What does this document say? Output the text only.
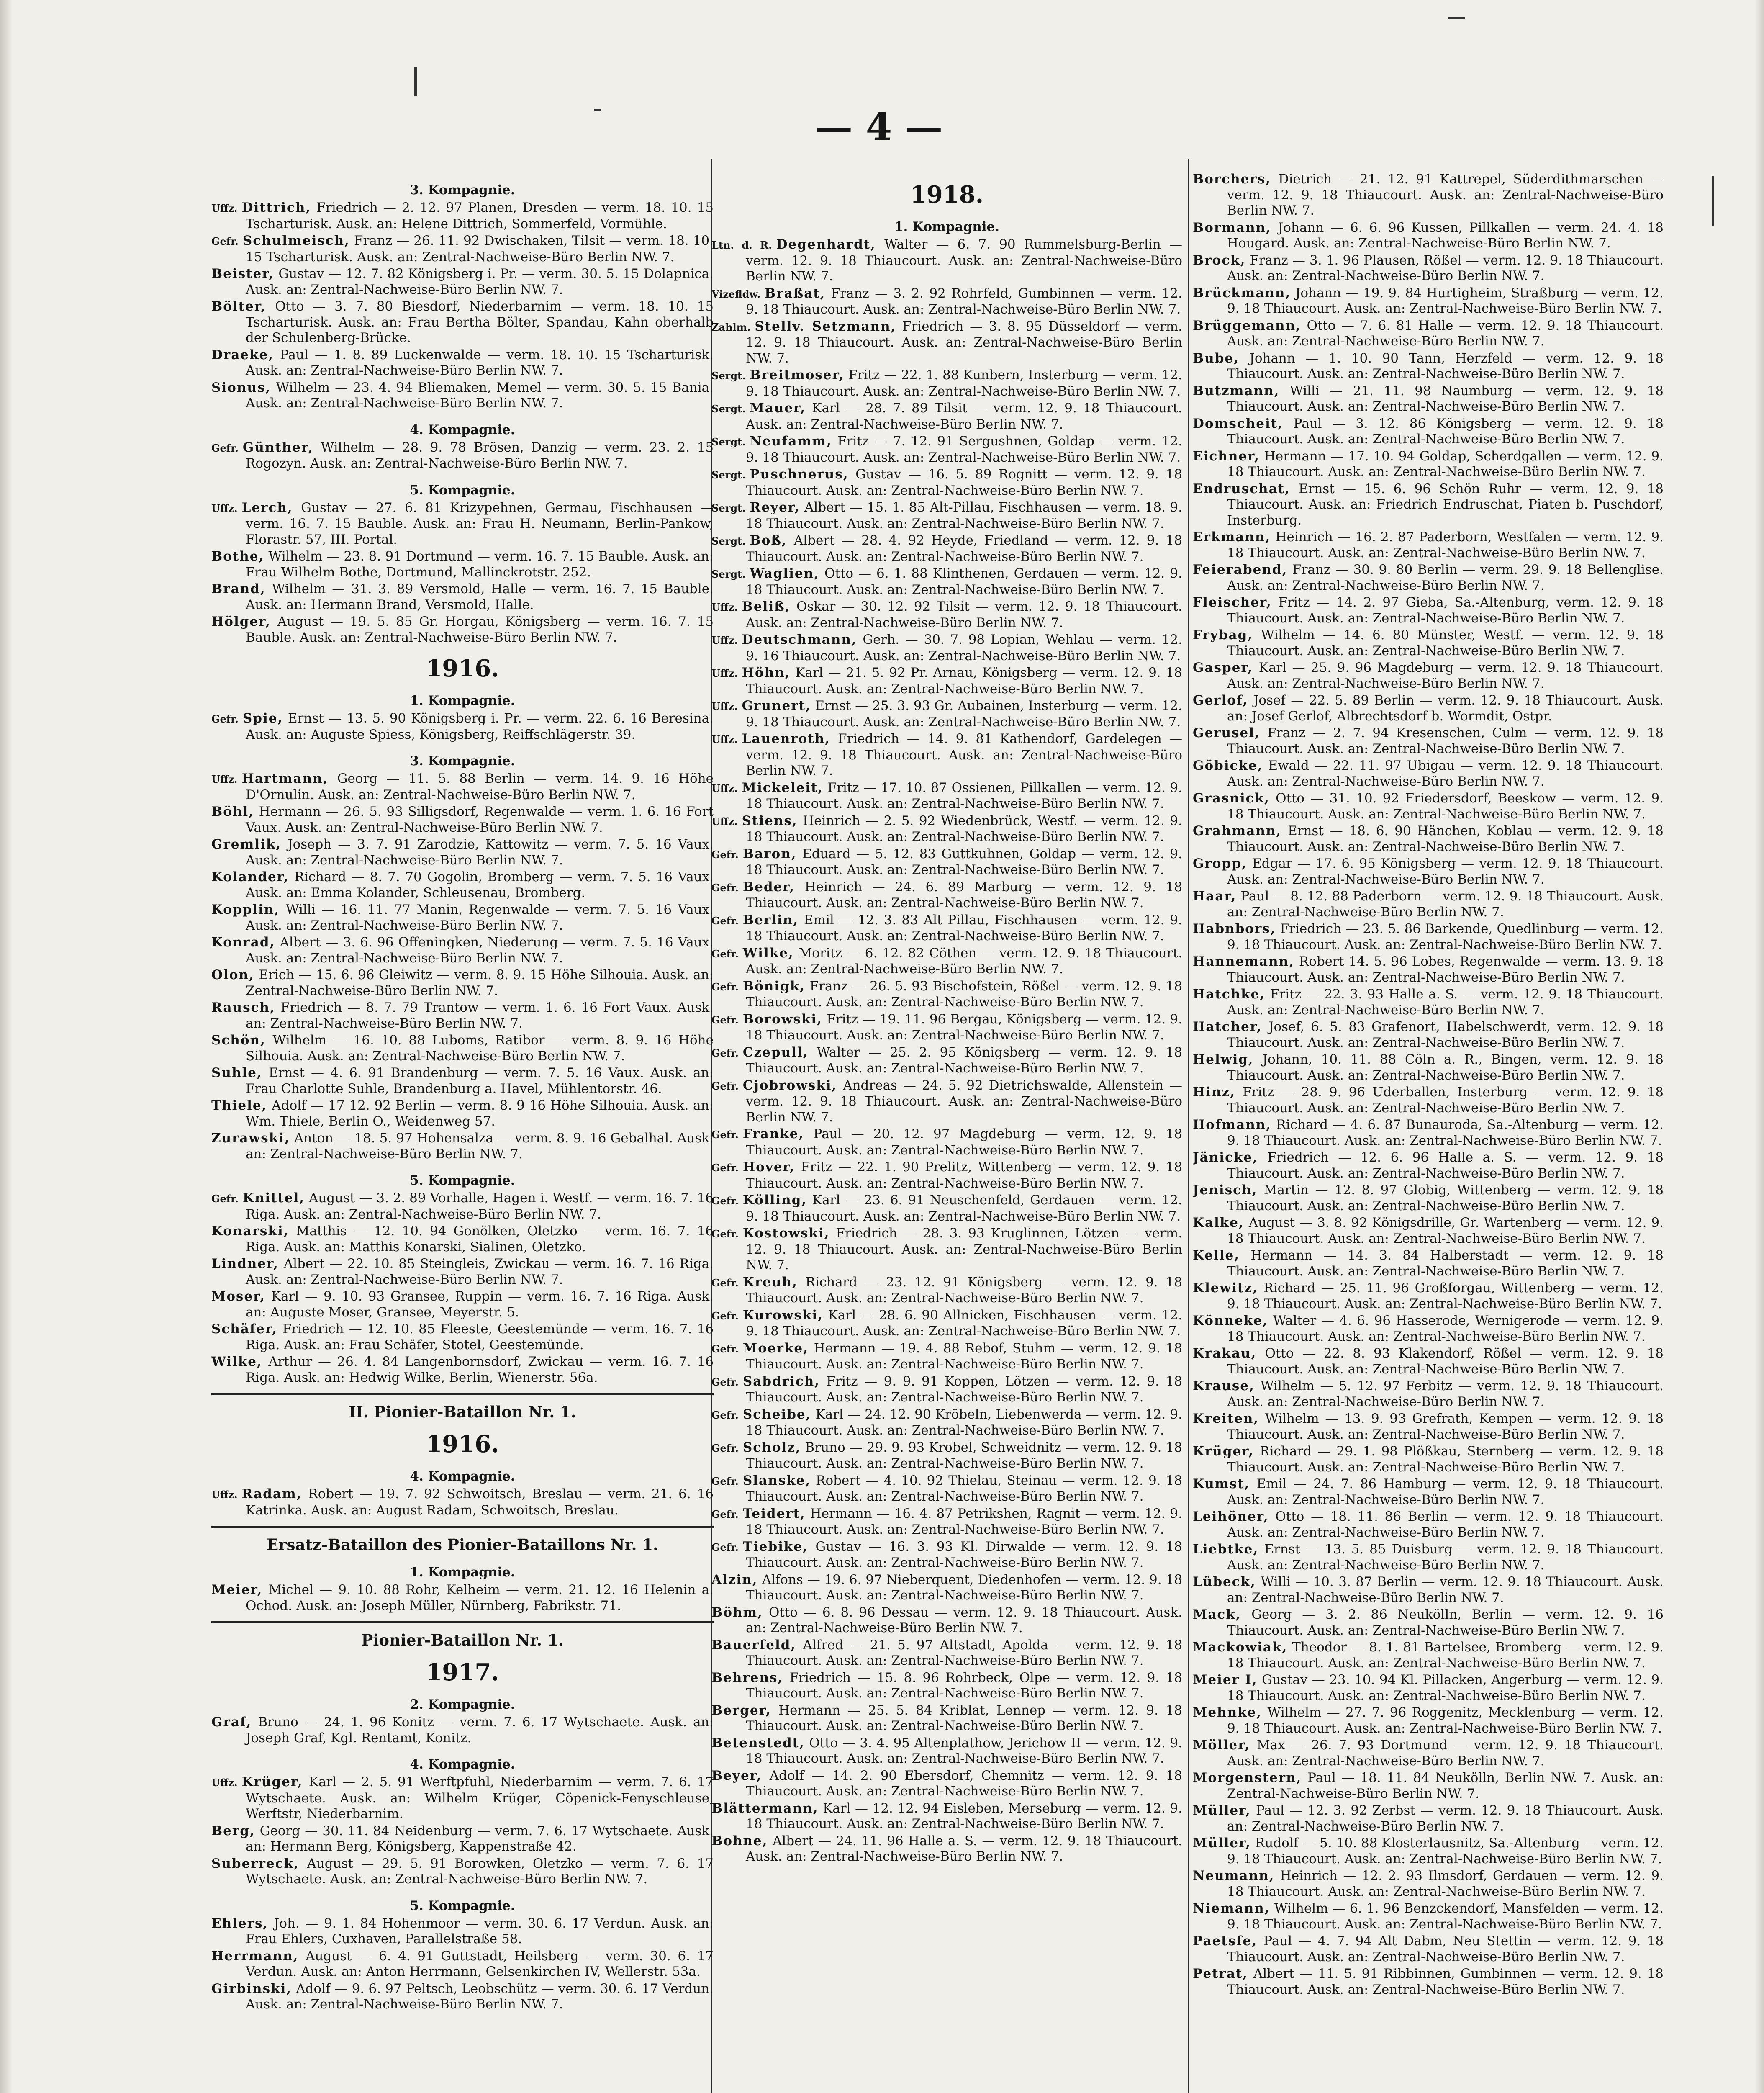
— 4 —
3. Kompagnie.

Uffz. Dittrich, Friedrich — 2. 12. 97 Planen, Dresden — verm. 18. 10. 15 Tscharturisk. Ausk. an: Helene Dittrich, Sommerfeld, Vormühle.

Gefr. Schulmeisch, Franz — 26. 11. 92 Dwischaken, Tilsit — verm. 18. 10. 15 Tscharturisk. Ausk. an: Zentral-Nachweise-Büro Berlin NW. 7.

Beister, Gustav — 12. 7. 82 Königsberg i. Pr. — verm. 30. 5. 15 Dolapnica. Ausk. an: Zentral-Nachweise-Büro Berlin NW. 7.

Bölter, Otto — 3. 7. 80 Biesdorf, Niederbarnim — verm. 18. 10. 15 Tscharturisk. Ausk. an: Frau Bertha Bölter, Spandau, Kahn oberhalb der Schulenberg-Brücke.

Draeke, Paul — 1. 8. 89 Luckenwalde — verm. 18. 10. 15 Tscharturisk. Ausk. an: Zentral-Nachweise-Büro Berlin NW. 7.

Sionus, Wilhelm — 23. 4. 94 Bliemaken, Memel — verm. 30. 5. 15 Bania. Ausk. an: Zentral-Nachweise-Büro Berlin NW. 7.

4. Kompagnie.

Gefr. Günther, Wilhelm — 28. 9. 78 Brösen, Danzig — verm. 23. 2. 15 Rogozyn. Ausk. an: Zentral-Nachweise-Büro Berlin NW. 7.

5. Kompagnie.

Uffz. Lerch, Gustav — 27. 6. 81 Krizypehnen, Germau, Fischhausen — verm. 16. 7. 15 Bauble. Ausk. an: Frau H. Neumann, Berlin-Pankow, Florastr. 57, III. Portal.

Bothe, Wilhelm — 23. 8. 91 Dortmund — verm. 16. 7. 15 Bauble. Ausk. an: Frau Wilhelm Bothe, Dortmund, Mallinckrotstr. 252.

Brand, Wilhelm — 31. 3. 89 Versmold, Halle — verm. 16. 7. 15 Bauble. Ausk. an: Hermann Brand, Versmold, Halle.

Hölger, August — 19. 5. 85 Gr. Horgau, Königsberg — verm. 16. 7. 15 Bauble. Ausk. an: Zentral-Nachweise-Büro Berlin NW. 7.

1916.
1. Kompagnie.

Gefr. Spie, Ernst — 13. 5. 90 Königsberg i. Pr. — verm. 22. 6. 16 Beresina. Ausk. an: Auguste Spiess, Königsberg, Reiffschlägerstr. 39.

3. Kompagnie.

Uffz. Hartmann, Georg — 11. 5. 88 Berlin — verm. 14. 9. 16 Höhe D'Ornulin. Ausk. an: Zentral-Nachweise-Büro Berlin NW. 7.

Böhl, Hermann — 26. 5. 93 Silligsdorf, Regenwalde — verm. 1. 6. 16 Fort Vaux. Ausk. an: Zentral-Nachweise-Büro Berlin NW. 7.

Gremlik, Joseph — 3. 7. 91 Zarodzie, Kattowitz — verm. 7. 5. 16 Vaux. Ausk. an: Zentral-Nachweise-Büro Berlin NW. 7.

Kolander, Richard — 8. 7. 70 Gogolin, Bromberg — verm. 7. 5. 16 Vaux. Ausk. an: Emma Kolander, Schleusenau, Bromberg.

Kopplin, Willi — 16. 11. 77 Manin, Regenwalde — verm. 7. 5. 16 Vaux. Ausk. an: Zentral-Nachweise-Büro Berlin NW. 7.

Konrad, Albert — 3. 6. 96 Offeningken, Niederung — verm. 7. 5. 16 Vaux. Ausk. an: Zentral-Nachweise-Büro Berlin NW. 7.

Olon, Erich — 15. 6. 96 Gleiwitz — verm. 8. 9. 15 Höhe Silhouia. Ausk. an: Zentral-Nachweise-Büro Berlin NW. 7.

Rausch, Friedrich — 8. 7. 79 Trantow — verm. 1. 6. 16 Fort Vaux. Ausk. an: Zentral-Nachweise-Büro Berlin NW. 7.

Schön, Wilhelm — 16. 10. 88 Luboms, Ratibor — verm. 8. 9. 16 Höhe Silhouia. Ausk. an: Zentral-Nachweise-Büro Berlin NW. 7.

Suhle, Ernst — 4. 6. 91 Brandenburg — verm. 7. 5. 16 Vaux. Ausk. an: Frau Charlotte Suhle, Brandenburg a. Havel, Mühlentorstr. 46.

Thiele, Adolf — 17 12. 92 Berlin — verm. 8. 9 16 Höhe Silhouia. Ausk. an: Wm. Thiele, Berlin O., Weidenweg 57.

Zurawski, Anton — 18. 5. 97 Hohensalza — verm. 8. 9. 16 Gebalhal. Ausk. an: Zentral-Nachweise-Büro Berlin NW. 7.

5. Kompagnie.

Gefr. Knittel, August — 3. 2. 89 Vorhalle, Hagen i. Westf. — verm. 16. 7. 16 Riga. Ausk. an: Zentral-Nachweise-Büro Berlin NW. 7.

Konarski, Matthis — 12. 10. 94 Gonölken, Oletzko — verm. 16. 7. 16 Riga. Ausk. an: Matthis Konarski, Sialinen, Oletzko.

Lindner, Albert — 22. 10. 85 Steingleis, Zwickau — verm. 16. 7. 16 Riga. Ausk. an: Zentral-Nachweise-Büro Berlin NW. 7.

Moser, Karl — 9. 10. 93 Gransee, Ruppin — verm. 16. 7. 16 Riga. Ausk. an: Auguste Moser, Gransee, Meyerstr. 5.

Schäfer, Friedrich — 12. 10. 85 Fleeste, Geestemünde — verm. 16. 7. 16 Riga. Ausk. an: Frau Schäfer, Stotel, Geestemünde.

Wilke, Arthur — 26. 4. 84 Langenbornsdorf, Zwickau — verm. 16. 7. 16 Riga. Ausk. an: Hedwig Wilke, Berlin, Wienerstr. 56a.

II. Pionier-Bataillon Nr. 1.
1916.
4. Kompagnie.

Uffz. Radam, Robert — 19. 7. 92 Schwoitsch, Breslau — verm. 21. 6. 16 Katrinka. Ausk. an: August Radam, Schwoitsch, Breslau.

Ersatz-Bataillon des Pionier-Bataillons Nr. 1.
1. Kompagnie.

Meier, Michel — 9. 10. 88 Rohr, Kelheim — verm. 21. 12. 16 Helenin a. Ochod. Ausk. an: Joseph Müller, Nürnberg, Fabrikstr. 71.

Pionier-Bataillon Nr. 1.
1917.
2. Kompagnie.

Graf, Bruno — 24. 1. 96 Konitz — verm. 7. 6. 17 Wytschaete. Ausk. an: Joseph Graf, Kgl. Rentamt, Konitz.

4. Kompagnie.

Uffz. Krüger, Karl — 2. 5. 91 Werftpfuhl, Niederbarnim — verm. 7. 6. 17 Wytschaete. Ausk. an: Wilhelm Krüger, Cöpenick-Fenyschleuse, Werftstr, Niederbarnim.

Berg, Georg — 30. 11. 84 Neidenburg — verm. 7. 6. 17 Wytschaete. Ausk. an: Hermann Berg, Königsberg, Kappenstraße 42.

Suberreck, August — 29. 5. 91 Borowken, Oletzko — verm. 7. 6. 17 Wytschaete. Ausk. an: Zentral-Nachweise-Büro Berlin NW. 7.

5. Kompagnie.

Ehlers, Joh. — 9. 1. 84 Hohenmoor — verm. 30. 6. 17 Verdun. Ausk. an: Frau Ehlers, Cuxhaven, Parallelstraße 58.

Herrmann, August — 6. 4. 91 Guttstadt, Heilsberg — verm. 30. 6. 17 Verdun. Ausk. an: Anton Herrmann, Gelsenkirchen IV, Wellerstr. 53a.

Girbinski, Adolf — 9. 6. 97 Peltsch, Leobschütz — verm. 30. 6. 17 Verdun. Ausk. an: Zentral-Nachweise-Büro Berlin NW. 7.

1918.
1. Kompagnie.

Ltn. d. R. Degenhardt, Walter — 6. 7. 90 Rummelsburg-Berlin — verm. 12. 9. 18 Thiaucourt. Ausk. an: Zentral-Nachweise-Büro Berlin NW. 7.

Vizefldw. Braßat, Franz — 3. 2. 92 Rohrfeld, Gumbinnen — verm. 12. 9. 18 Thiaucourt. Ausk. an: Zentral-Nachweise-Büro Berlin NW. 7.

Zahlm. Stellv. Setzmann, Friedrich — 3. 8. 95 Düsseldorf — verm. 12. 9. 18 Thiaucourt. Ausk. an: Zentral-Nachweise-Büro Berlin NW. 7.

Sergt. Breitmoser, Fritz — 22. 1. 88 Kunbern, Insterburg — verm. 12. 9. 18 Thiaucourt. Ausk. an: Zentral-Nachweise-Büro Berlin NW. 7.

Sergt. Mauer, Karl — 28. 7. 89 Tilsit — verm. 12. 9. 18 Thiaucourt. Ausk. an: Zentral-Nachweise-Büro Berlin NW. 7.

Sergt. Neufamm, Fritz — 7. 12. 91 Sergushnen, Goldap — verm. 12. 9. 18 Thiaucourt. Ausk. an: Zentral-Nachweise-Büro Berlin NW. 7.

Sergt. Puschnerus, Gustav — 16. 5. 89 Rognitt — verm. 12. 9. 18 Thiaucourt. Ausk. an: Zentral-Nachweise-Büro Berlin NW. 7.

Sergt. Reyer, Albert — 15. 1. 85 Alt-Pillau, Fischhausen — verm. 18. 9. 18 Thiaucourt. Ausk. an: Zentral-Nachweise-Büro Berlin NW. 7.

Sergt. Boß, Albert — 28. 4. 92 Heyde, Friedland — verm. 12. 9. 18 Thiaucourt. Ausk. an: Zentral-Nachweise-Büro Berlin NW. 7.

Sergt. Waglien, Otto — 6. 1. 88 Klinthenen, Gerdauen — verm. 12. 9. 18 Thiaucourt. Ausk. an: Zentral-Nachweise-Büro Berlin NW. 7.

Uffz. Beliß, Oskar — 30. 12. 92 Tilsit — verm. 12. 9. 18 Thiaucourt. Ausk. an: Zentral-Nachweise-Büro Berlin NW. 7.

Uffz. Deutschmann, Gerh. — 30. 7. 98 Lopian, Wehlau — verm. 12. 9. 16 Thiaucourt. Ausk. an: Zentral-Nachweise-Büro Berlin NW. 7.

Uffz. Höhn, Karl — 21. 5. 92 Pr. Arnau, Königsberg — verm. 12. 9. 18 Thiaucourt. Ausk. an: Zentral-Nachweise-Büro Berlin NW. 7.

Uffz. Grunert, Ernst — 25. 3. 93 Gr. Aubainen, Insterburg — verm. 12. 9. 18 Thiaucourt. Ausk. an: Zentral-Nachweise-Büro Berlin NW. 7.

Uffz. Lauenroth, Friedrich — 14. 9. 81 Kathendorf, Gardelegen — verm. 12. 9. 18 Thiaucourt. Ausk. an: Zentral-Nachweise-Büro Berlin NW. 7.

Uffz. Mickeleit, Fritz — 17. 10. 87 Ossienen, Pillkallen — verm. 12. 9. 18 Thiaucourt. Ausk. an: Zentral-Nachweise-Büro Berlin NW. 7.

Uffz. Stiens, Heinrich — 2. 5. 92 Wiedenbrück, Westf. — verm. 12. 9. 18 Thiaucourt. Ausk. an: Zentral-Nachweise-Büro Berlin NW. 7.

Gefr. Baron, Eduard — 5. 12. 83 Guttkuhnen, Goldap — verm. 12. 9. 18 Thiaucourt. Ausk. an: Zentral-Nachweise-Büro Berlin NW. 7.

Gefr. Beder, Heinrich — 24. 6. 89 Marburg — verm. 12. 9. 18 Thiaucourt. Ausk. an: Zentral-Nachweise-Büro Berlin NW. 7.

Gefr. Berlin, Emil — 12. 3. 83 Alt Pillau, Fischhausen — verm. 12. 9. 18 Thiaucourt. Ausk. an: Zentral-Nachweise-Büro Berlin NW. 7.

Gefr. Wilke, Moritz — 6. 12. 82 Cöthen — verm. 12. 9. 18 Thiaucourt. Ausk. an: Zentral-Nachweise-Büro Berlin NW. 7.

Gefr. Bönigk, Franz — 26. 5. 93 Bischofstein, Rößel — verm. 12. 9. 18 Thiaucourt. Ausk. an: Zentral-Nachweise-Büro Berlin NW. 7.

Gefr. Borowski, Fritz — 19. 11. 96 Bergau, Königsberg — verm. 12. 9. 18 Thiaucourt. Ausk. an: Zentral-Nachweise-Büro Berlin NW. 7.

Gefr. Czepull, Walter — 25. 2. 95 Königsberg — verm. 12. 9. 18 Thiaucourt. Ausk. an: Zentral-Nachweise-Büro Berlin NW. 7.

Gefr. Cjobrowski, Andreas — 24. 5. 92 Dietrichswalde, Allenstein — verm. 12. 9. 18 Thiaucourt. Ausk. an: Zentral-Nachweise-Büro Berlin NW. 7.

Gefr. Franke, Paul — 20. 12. 97 Magdeburg — verm. 12. 9. 18 Thiaucourt. Ausk. an: Zentral-Nachweise-Büro Berlin NW. 7.

Gefr. Hover, Fritz — 22. 1. 90 Prelitz, Wittenberg — verm. 12. 9. 18 Thiaucourt. Ausk. an: Zentral-Nachweise-Büro Berlin NW. 7.

Gefr. Kölling, Karl — 23. 6. 91 Neuschenfeld, Gerdauen — verm. 12. 9. 18 Thiaucourt. Ausk. an: Zentral-Nachweise-Büro Berlin NW. 7.

Gefr. Kostowski, Friedrich — 28. 3. 93 Kruglinnen, Lötzen — verm. 12. 9. 18 Thiaucourt. Ausk. an: Zentral-Nachweise-Büro Berlin NW. 7.

Gefr. Kreuh, Richard — 23. 12. 91 Königsberg — verm. 12. 9. 18 Thiaucourt. Ausk. an: Zentral-Nachweise-Büro Berlin NW. 7.

Gefr. Kurowski, Karl — 28. 6. 90 Allnicken, Fischhausen — verm. 12. 9. 18 Thiaucourt. Ausk. an: Zentral-Nachweise-Büro Berlin NW. 7.

Gefr. Moerke, Hermann — 19. 4. 88 Rebof, Stuhm — verm. 12. 9. 18 Thiaucourt. Ausk. an: Zentral-Nachweise-Büro Berlin NW. 7.

Gefr. Sabdrich, Fritz — 9. 9. 91 Koppen, Lötzen — verm. 12. 9. 18 Thiaucourt. Ausk. an: Zentral-Nachweise-Büro Berlin NW. 7.

Gefr. Scheibe, Karl — 24. 12. 90 Kröbeln, Liebenwerda — verm. 12. 9. 18 Thiaucourt. Ausk. an: Zentral-Nachweise-Büro Berlin NW. 7.

Gefr. Scholz, Bruno — 29. 9. 93 Krobel, Schweidnitz — verm. 12. 9. 18 Thiaucourt. Ausk. an: Zentral-Nachweise-Büro Berlin NW. 7.

Gefr. Slanske, Robert — 4. 10. 92 Thielau, Steinau — verm. 12. 9. 18 Thiaucourt. Ausk. an: Zentral-Nachweise-Büro Berlin NW. 7.

Gefr. Teidert, Hermann — 16. 4. 87 Petrikshen, Ragnit — verm. 12. 9. 18 Thiaucourt. Ausk. an: Zentral-Nachweise-Büro Berlin NW. 7.

Gefr. Tiebike, Gustav — 16. 3. 93 Kl. Dirwalde — verm. 12. 9. 18 Thiaucourt. Ausk. an: Zentral-Nachweise-Büro Berlin NW. 7.

Alzin, Alfons — 19. 6. 97 Nieberquent, Diedenhofen — verm. 12. 9. 18 Thiaucourt. Ausk. an: Zentral-Nachweise-Büro Berlin NW. 7.

Böhm, Otto — 6. 8. 96 Dessau — verm. 12. 9. 18 Thiaucourt. Ausk. an: Zentral-Nachweise-Büro Berlin NW. 7.

Bauerfeld, Alfred — 21. 5. 97 Altstadt, Apolda — verm. 12. 9. 18 Thiaucourt. Ausk. an: Zentral-Nachweise-Büro Berlin NW. 7.

Behrens, Friedrich — 15. 8. 96 Rohrbeck, Olpe — verm. 12. 9. 18 Thiaucourt. Ausk. an: Zentral-Nachweise-Büro Berlin NW. 7.

Berger, Hermann — 25. 5. 84 Kriblat, Lennep — verm. 12. 9. 18 Thiaucourt. Ausk. an: Zentral-Nachweise-Büro Berlin NW. 7.

Betenstedt, Otto — 3. 4. 95 Altenplathow, Jerichow II — verm. 12. 9. 18 Thiaucourt. Ausk. an: Zentral-Nachweise-Büro Berlin NW. 7.

Beyer, Adolf — 14. 2. 90 Ebersdorf, Chemnitz — verm. 12. 9. 18 Thiaucourt. Ausk. an: Zentral-Nachweise-Büro Berlin NW. 7.

Blättermann, Karl — 12. 12. 94 Eisleben, Merseburg — verm. 12. 9. 18 Thiaucourt. Ausk. an: Zentral-Nachweise-Büro Berlin NW. 7.

Bohne, Albert — 24. 11. 96 Halle a. S. — verm. 12. 9. 18 Thiaucourt. Ausk. an: Zentral-Nachweise-Büro Berlin NW. 7.

Borchers, Dietrich — 21. 12. 91 Kattrepel, Süderdithmarschen — verm. 12. 9. 18 Thiaucourt. Ausk. an: Zentral-Nachweise-Büro Berlin NW. 7.

Bormann, Johann — 6. 6. 96 Kussen, Pillkallen — verm. 24. 4. 18 Hougard. Ausk. an: Zentral-Nachweise-Büro Berlin NW. 7.

Brock, Franz — 3. 1. 96 Plausen, Rößel — verm. 12. 9. 18 Thiaucourt. Ausk. an: Zentral-Nachweise-Büro Berlin NW. 7.

Brückmann, Johann — 19. 9. 84 Hurtigheim, Straßburg — verm. 12. 9. 18 Thiaucourt. Ausk. an: Zentral-Nachweise-Büro Berlin NW. 7.

Brüggemann, Otto — 7. 6. 81 Halle — verm. 12. 9. 18 Thiaucourt. Ausk. an: Zentral-Nachweise-Büro Berlin NW. 7.

Bube, Johann — 1. 10. 90 Tann, Herzfeld — verm. 12. 9. 18 Thiaucourt. Ausk. an: Zentral-Nachweise-Büro Berlin NW. 7.

Butzmann, Willi — 21. 11. 98 Naumburg — verm. 12. 9. 18 Thiaucourt. Ausk. an: Zentral-Nachweise-Büro Berlin NW. 7.

Domscheit, Paul — 3. 12. 86 Königsberg — verm. 12. 9. 18 Thiaucourt. Ausk. an: Zentral-Nachweise-Büro Berlin NW. 7.

Eichner, Hermann — 17. 10. 94 Goldap, Scherdgallen — verm. 12. 9. 18 Thiaucourt. Ausk. an: Zentral-Nachweise-Büro Berlin NW. 7.

Endruschat, Ernst — 15. 6. 96 Schön Ruhr — verm. 12. 9. 18 Thiaucourt. Ausk. an: Friedrich Endruschat, Piaten b. Puschdorf, Insterburg.

Erkmann, Heinrich — 16. 2. 87 Paderborn, Westfalen — verm. 12. 9. 18 Thiaucourt. Ausk. an: Zentral-Nachweise-Büro Berlin NW. 7.

Feierabend, Franz — 30. 9. 80 Berlin — verm. 29. 9. 18 Bellenglise. Ausk. an: Zentral-Nachweise-Büro Berlin NW. 7.

Fleischer, Fritz — 14. 2. 97 Gieba, Sa.-Altenburg, verm. 12. 9. 18 Thiaucourt. Ausk. an: Zentral-Nachweise-Büro Berlin NW. 7.

Frybag, Wilhelm — 14. 6. 80 Münster, Westf. — verm. 12. 9. 18 Thiaucourt. Ausk. an: Zentral-Nachweise-Büro Berlin NW. 7.

Gasper, Karl — 25. 9. 96 Magdeburg — verm. 12. 9. 18 Thiaucourt. Ausk. an: Zentral-Nachweise-Büro Berlin NW. 7.

Gerlof, Josef — 22. 5. 89 Berlin — verm. 12. 9. 18 Thiaucourt. Ausk. an: Josef Gerlof, Albrechtsdorf b. Wormdit, Ostpr.

Gerusel, Franz — 2. 7. 94 Kresenschen, Culm — verm. 12. 9. 18 Thiaucourt. Ausk. an: Zentral-Nachweise-Büro Berlin NW. 7.

Göbicke, Ewald — 22. 11. 97 Ubigau — verm. 12. 9. 18 Thiaucourt. Ausk. an: Zentral-Nachweise-Büro Berlin NW. 7.

Grasnick, Otto — 31. 10. 92 Friedersdorf, Beeskow — verm. 12. 9. 18 Thiaucourt. Ausk. an: Zentral-Nachweise-Büro Berlin NW. 7.

Grahmann, Ernst — 18. 6. 90 Hänchen, Koblau — verm. 12. 9. 18 Thiaucourt. Ausk. an: Zentral-Nachweise-Büro Berlin NW. 7.

Gropp, Edgar — 17. 6. 95 Königsberg — verm. 12. 9. 18 Thiaucourt. Ausk. an: Zentral-Nachweise-Büro Berlin NW. 7.

Haar, Paul — 8. 12. 88 Paderborn — verm. 12. 9. 18 Thiaucourt. Ausk. an: Zentral-Nachweise-Büro Berlin NW. 7.

Habnbors, Friedrich — 23. 5. 86 Barkende, Quedlinburg — verm. 12. 9. 18 Thiaucourt. Ausk. an: Zentral-Nachweise-Büro Berlin NW. 7.

Hannemann, Robert 14. 5. 96 Lobes, Regenwalde — verm. 13. 9. 18 Thiaucourt. Ausk. an: Zentral-Nachweise-Büro Berlin NW. 7.

Hatchke, Fritz — 22. 3. 93 Halle a. S. — verm. 12. 9. 18 Thiaucourt. Ausk. an: Zentral-Nachweise-Büro Berlin NW. 7.

Hatcher, Josef, 6. 5. 83 Grafenort, Habelschwerdt, verm. 12. 9. 18 Thiaucourt. Ausk. an: Zentral-Nachweise-Büro Berlin NW. 7.

Helwig, Johann, 10. 11. 88 Cöln a. R., Bingen, verm. 12. 9. 18 Thiaucourt. Ausk. an: Zentral-Nachweise-Büro Berlin NW. 7.

Hinz, Fritz — 28. 9. 96 Uderballen, Insterburg — verm. 12. 9. 18 Thiaucourt. Ausk. an: Zentral-Nachweise-Büro Berlin NW. 7.

Hofmann, Richard — 4. 6. 87 Bunauroda, Sa.-Altenburg — verm. 12. 9. 18 Thiaucourt. Ausk. an: Zentral-Nachweise-Büro Berlin NW. 7.

Jänicke, Friedrich — 12. 6. 96 Halle a. S. — verm. 12. 9. 18 Thiaucourt. Ausk. an: Zentral-Nachweise-Büro Berlin NW. 7.

Jenisch, Martin — 12. 8. 97 Globig, Wittenberg — verm. 12. 9. 18 Thiaucourt. Ausk. an: Zentral-Nachweise-Büro Berlin NW. 7.

Kalke, August — 3. 8. 92 Königsdrille, Gr. Wartenberg — verm. 12. 9. 18 Thiaucourt. Ausk. an: Zentral-Nachweise-Büro Berlin NW. 7.

Kelle, Hermann — 14. 3. 84 Halberstadt — verm. 12. 9. 18 Thiaucourt. Ausk. an: Zentral-Nachweise-Büro Berlin NW. 7.

Klewitz, Richard — 25. 11. 96 Großforgau, Wittenberg — verm. 12. 9. 18 Thiaucourt. Ausk. an: Zentral-Nachweise-Büro Berlin NW. 7.

Könneke, Walter — 4. 6. 96 Hasserode, Wernigerode — verm. 12. 9. 18 Thiaucourt. Ausk. an: Zentral-Nachweise-Büro Berlin NW. 7.

Krakau, Otto — 22. 8. 93 Klakendorf, Rößel — verm. 12. 9. 18 Thiaucourt. Ausk. an: Zentral-Nachweise-Büro Berlin NW. 7.

Krause, Wilhelm — 5. 12. 97 Ferbitz — verm. 12. 9. 18 Thiaucourt. Ausk. an: Zentral-Nachweise-Büro Berlin NW. 7.

Kreiten, Wilhelm — 13. 9. 93 Grefrath, Kempen — verm. 12. 9. 18 Thiaucourt. Ausk. an: Zentral-Nachweise-Büro Berlin NW. 7.

Krüger, Richard — 29. 1. 98 Plößkau, Sternberg — verm. 12. 9. 18 Thiaucourt. Ausk. an: Zentral-Nachweise-Büro Berlin NW. 7.

Kumst, Emil — 24. 7. 86 Hamburg — verm. 12. 9. 18 Thiaucourt. Ausk. an: Zentral-Nachweise-Büro Berlin NW. 7.

Leihöner, Otto — 18. 11. 86 Berlin — verm. 12. 9. 18 Thiaucourt. Ausk. an: Zentral-Nachweise-Büro Berlin NW. 7.

Liebtke, Ernst — 13. 5. 85 Duisburg — verm. 12. 9. 18 Thiaucourt. Ausk. an: Zentral-Nachweise-Büro Berlin NW. 7.

Lübeck, Willi — 10. 3. 87 Berlin — verm. 12. 9. 18 Thiaucourt. Ausk. an: Zentral-Nachweise-Büro Berlin NW. 7.

Mack, Georg — 3. 2. 86 Neukölln, Berlin — verm. 12. 9. 16 Thiaucourt. Ausk. an: Zentral-Nachweise-Büro Berlin NW. 7.

Mackowiak, Theodor — 8. 1. 81 Bartelsee, Bromberg — verm. 12. 9. 18 Thiaucourt. Ausk. an: Zentral-Nachweise-Büro Berlin NW. 7.

Meier I, Gustav — 23. 10. 94 Kl. Pillacken, Angerburg — verm. 12. 9. 18 Thiaucourt. Ausk. an: Zentral-Nachweise-Büro Berlin NW. 7.

Mehnke, Wilhelm — 27. 7. 96 Roggenitz, Mecklenburg — verm. 12. 9. 18 Thiaucourt. Ausk. an: Zentral-Nachweise-Büro Berlin NW. 7.

Möller, Max — 26. 7. 93 Dortmund — verm. 12. 9. 18 Thiaucourt. Ausk. an: Zentral-Nachweise-Büro Berlin NW. 7.

Morgenstern, Paul — 18. 11. 84 Neukölln, Berlin NW. 7. Ausk. an: Zentral-Nachweise-Büro Berlin NW. 7.

Müller, Paul — 12. 3. 92 Zerbst — verm. 12. 9. 18 Thiaucourt. Ausk. an: Zentral-Nachweise-Büro Berlin NW. 7.

Müller, Rudolf — 5. 10. 88 Klosterlausnitz, Sa.-Altenburg — verm. 12. 9. 18 Thiaucourt. Ausk. an: Zentral-Nachweise-Büro Berlin NW. 7.

Neumann, Heinrich — 12. 2. 93 Ilmsdorf, Gerdauen — verm. 12. 9. 18 Thiaucourt. Ausk. an: Zentral-Nachweise-Büro Berlin NW. 7.

Niemann, Wilhelm — 6. 1. 96 Benzckendorf, Mansfelden — verm. 12. 9. 18 Thiaucourt. Ausk. an: Zentral-Nachweise-Büro Berlin NW. 7.

Paetsfe, Paul — 4. 7. 94 Alt Dabm, Neu Stettin — verm. 12. 9. 18 Thiaucourt. Ausk. an: Zentral-Nachweise-Büro Berlin NW. 7.

Petrat, Albert — 11. 5. 91 Ribbinnen, Gumbinnen — verm. 12. 9. 18 Thiaucourt. Ausk. an: Zentral-Nachweise-Büro Berlin NW. 7.
